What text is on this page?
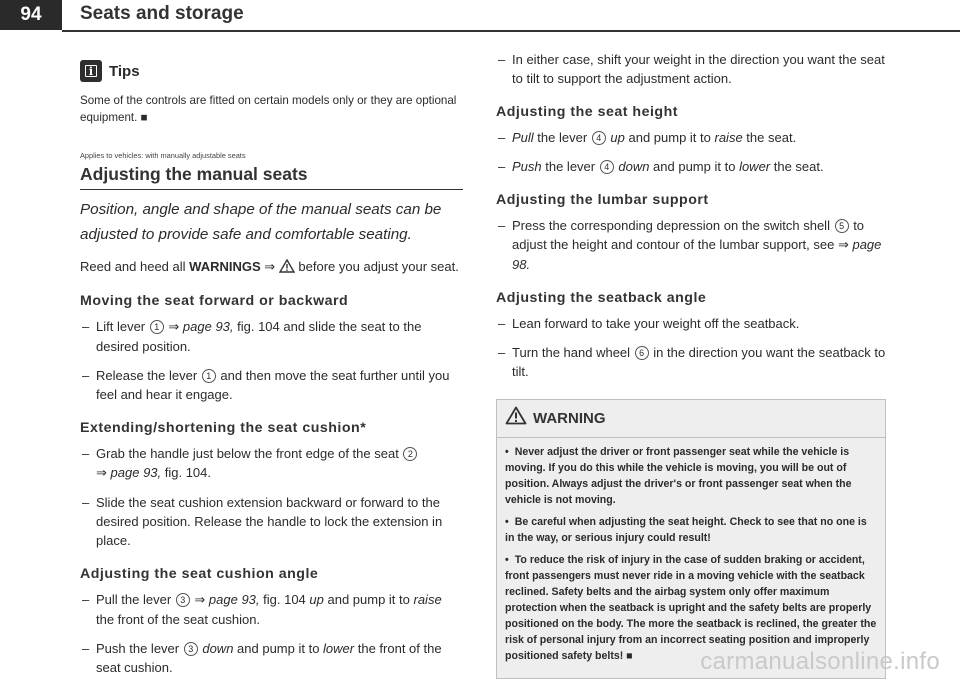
94	Seats and storage
i	Tips

Some of the controls are fitted on certain models only or they are optional equipment. ■

Applies to vehicles: with manually adjustable seats

Adjusting the manual seats

Position, angle and shape of the manual seats can be adjusted to provide safe and comfortable seating.

Reed and heed all WARNINGS ⇒  before you adjust your seat.

Moving the seat forward or backward
– Lift lever 1 ⇒ page 93, fig. 104 and slide the seat to the desired position.
– Release the lever 1 and then move the seat further until you feel and hear it engage.
Extending/shortening the seat cushion*
– Grab the handle just below the front edge of the seat 2
⇒ page 93, fig. 104.
– Slide the seat cushion extension backward or forward to the desired position. Release the handle to lock the extension in place.
Adjusting the seat cushion angle
– Pull the lever 3 ⇒ page 93, fig. 104 up and pump it to raise the front of the seat cushion.
– Push the lever 3 down and pump it to lower the front of the seat cushion.
– In either case, shift your weight in the direction you want the seat to tilt to support the adjustment action.
Adjusting the seat height
– Pull the lever 4 up and pump it to raise the seat.
– Push the lever 4 down and pump it to lower the seat.
Adjusting the lumbar support
– Press the corresponding depression on the switch shell 5 to adjust the height and contour of the lumbar support, see ⇒ page 98.
Adjusting the seatback angle
– Lean forward to take your weight off the seatback.
– Turn the hand wheel 6 in the direction you want the seatback to tilt.
WARNING

• Never adjust the driver or front passenger seat while the vehicle is moving. If you do this while the vehicle is moving, you will be out of position. Always adjust the driver's or front passenger seat when the vehicle is not moving.

• Be careful when adjusting the seat height. Check to see that no one is in the way, or serious injury could result!

• To reduce the risk of injury in the case of sudden braking or accident, front passengers must never ride in a moving vehicle with the seatback reclined. Safety belts and the airbag system only offer maximum protection when the seatback is upright and the safety belts are properly positioned on the body. The more the seatback is reclined, the greater the risk of personal injury from an incorrect seating position and improperly positioned safety belts! ■	carmanualsonline.info
